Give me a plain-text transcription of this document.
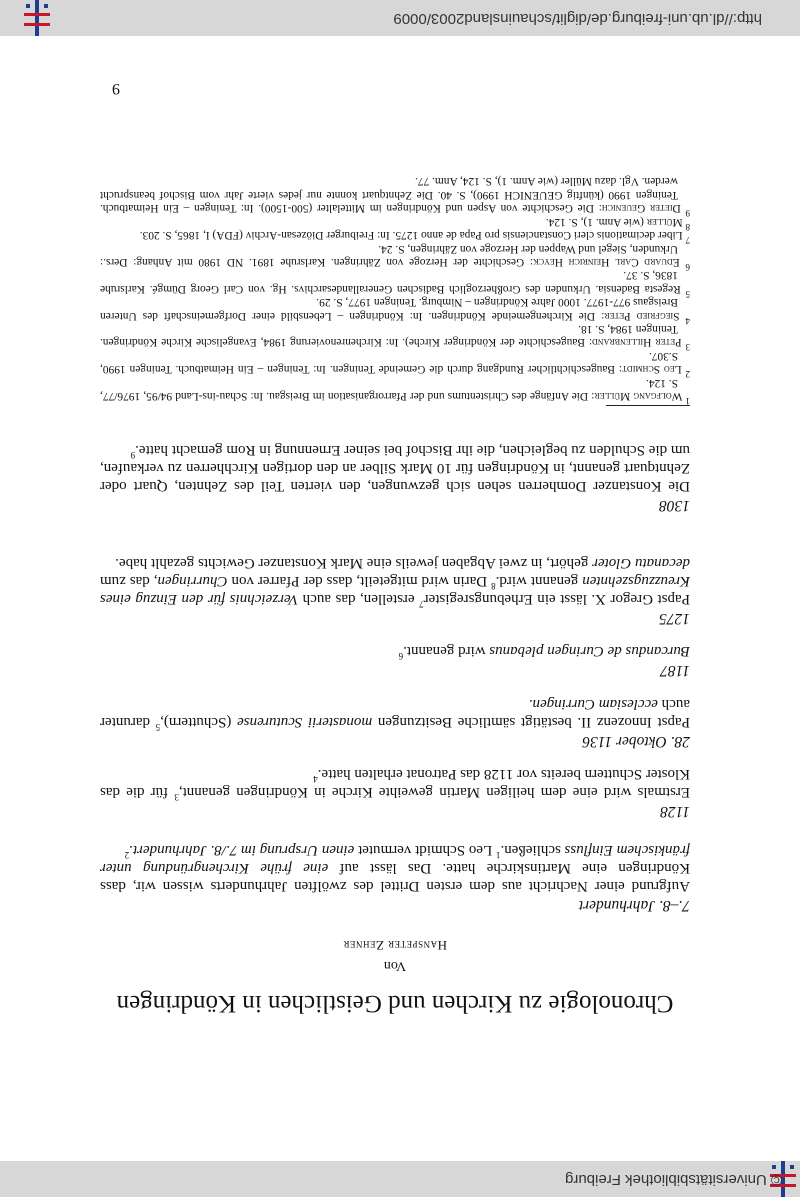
© Universitätsbibliothek Freiburg
http://dl.ub.uni-freiburg.de/diglit/schauinsland2003/0009
Chronologie zu Kirchen und Geistlichen in Köndringen
Von
Hanspeter Zehner

7.–8. Jahrhundert

Aufgrund einer Nachricht aus dem ersten Drittel des zwölften Jahrhunderts wissen wir, dass Köndringen eine Martinskirche hatte. Das lässt auf eine frühe Kirchengründung unter fränkischem Einfluss schließen.$^1$ Leo Schmidt vermutet einen Ursprung im 7./8. Jahrhundert.$^2$

1128

Erstmals wird eine dem heiligen Martin geweihte Kirche in Köndringen genannt,$^3$ für die das Kloster Schuttern bereits vor 1128 das Patronat erhalten hatte.$^4$

28. Oktober 1136

Papst Innozenz II. bestätigt sämtliche Besitzungen monasterii Scuturense (Schuttern),$^5$ darunter auch ecclesiam Curringen.

1187

Burcandus de Curingen plebanus wird genannt.$^6$

1275

Papst Gregor X. lässt ein Erhebungsregister$^7$ erstellen, das auch Verzeichnis für den Einzug eines Kreuzzugszehnten genannt wird.$^8$ Darin wird mitgeteilt, dass der Pfarrer von Churringen, das zum decanatu Gloter gehört, in zwei Abgaben jeweils eine Mark Konstanzer Gewichts gezahlt habe.

1308

Die Konstanzer Domherren sehen sich gezwungen, den vierten Teil des Zehnten, Quart oder Zehntquart genannt, in Köndringen für 10 Mark Silber an den dortigen Kirchherren zu verkaufen, um die Schulden zu begleichen, die ihr Bischof bei seiner Ernennung in Rom gemacht hatte.$^9$

$^1$ Wolfgang Müller: Die Anfänge des Christentums und der Pfarrorganisation im Breisgau. In: Schau-ins-Land 94/95, 1976/77, S. 124.

$^2$ Leo Schmidt: Baugeschichtlicher Rundgang durch die Gemeinde Teningen. In: Teningen – Ein Heimatbuch. Teningen 1990, S.307.

$^3$ Peter Hillenbrand: Baugeschichte der Köndringer Kirche). In: Kirchenrenovierung 1984, Evangelische Kirche Köndringen. Teningen 1984, S. 18.

$^4$ Siegfried Peter: Die Kirchengemeinde Köndringen. In: Köndringen – Lebensbild einer Dorfgemeinschaft des Unteren Breisgaus 977-1977. 1000 Jahre Köndringen – Nimburg. Teningen 1977, S. 29.

$^5$ Regesta Badensia. Urkunden des Großherzoglich Badischen Generallandesarchivs. Hg. von Carl Georg Dümgé. Karlsruhe 1836, S. 37.

$^6$ Eduard Carl Heinrich Heyck: Geschichte der Herzoge von Zähringen. Karlsruhe 1891. ND 1980 mit Anhang: Ders.: Urkunden, Siegel und Wappen der Herzoge von Zähringen, S. 24.

$^7$ Liber decimationis cleri Constanciensis pro Papa de anno 1275. In: Freiburger Diözesan-Archiv (FDA) I, 1865, S. 203.

$^8$ Müller (wie Anm. 1), S. 124.

$^9$ Dieter Geuenich: Die Geschichte von Aspen und Köndringen im Mittelalter (500-1500). In: Teningen – Ein Heimatbuch. Teningen 1990 (künftig GEUENICH 1990), S. 40. Die Zehntquart konnte nur jedes vierte Jahr vom Bischof beansprucht werden. Vgl. dazu Müller (wie Anm. 1), S. 124, Anm. 77.

9
